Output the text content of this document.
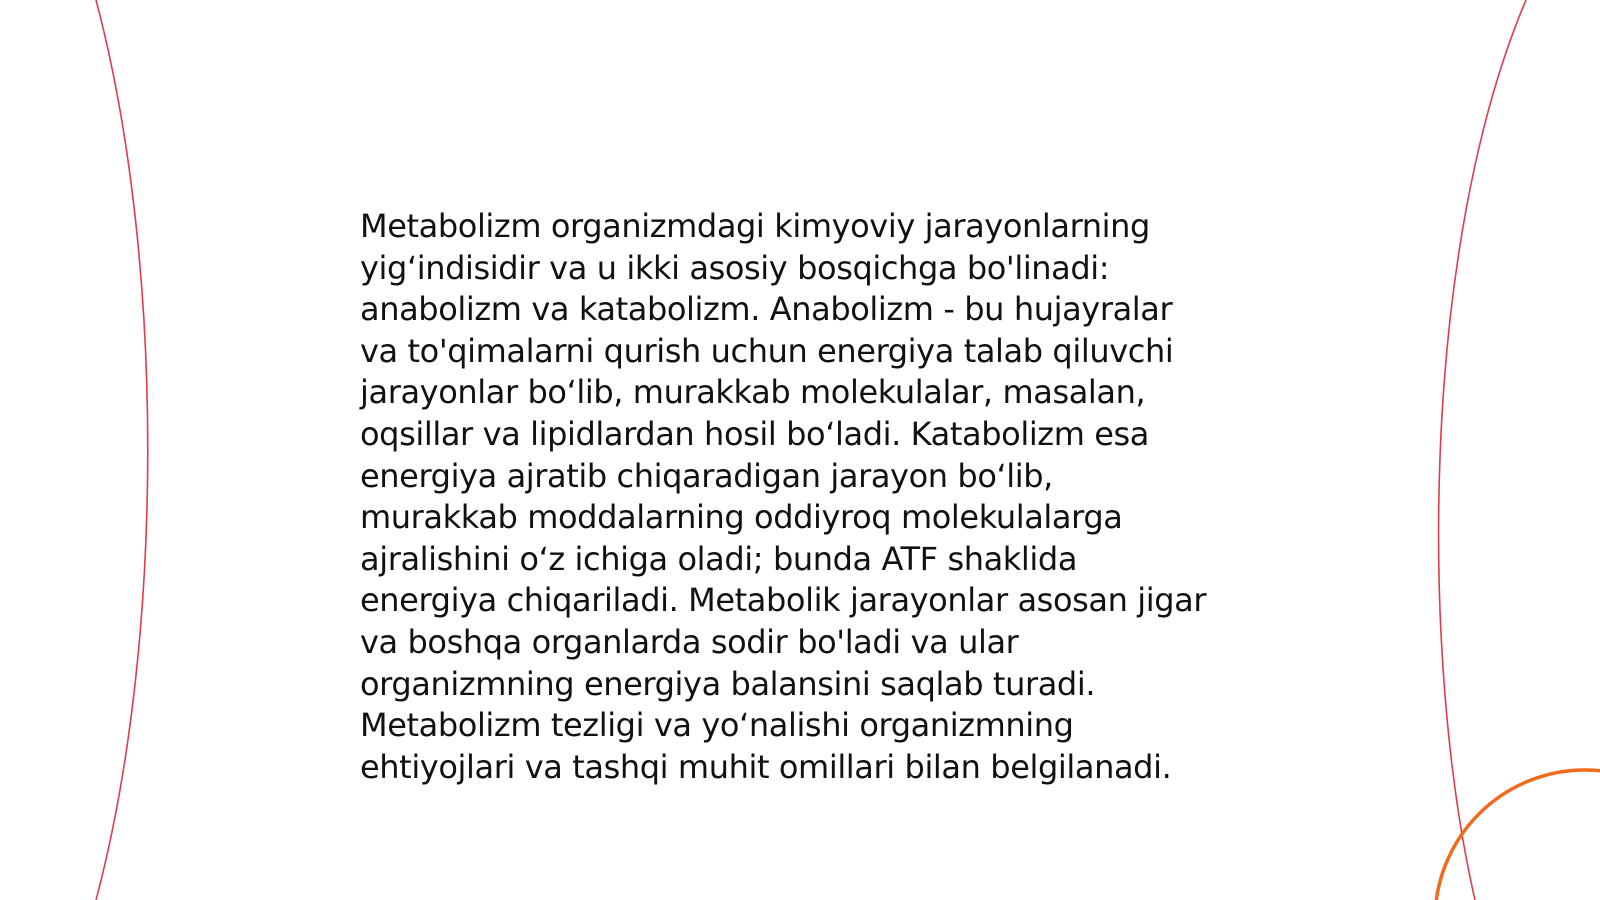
Metabolizm organizmdagi kimyoviy jarayonlarning
yig‘indisidir va u ikki asosiy bosqichga bo'linadi:
anabolizm va katabolizm. Anabolizm - bu hujayralar
va to'qimalarni qurish uchun energiya talab qiluvchi
jarayonlar bo‘lib, murakkab molekulalar, masalan,
oqsillar va lipidlardan hosil bo‘ladi. Katabolizm esa
energiya ajratib chiqaradigan jarayon bo‘lib,
murakkab moddalarning oddiyroq molekulalarga
ajralishini o‘z ichiga oladi; bunda ATF shaklida
energiya chiqariladi. Metabolik jarayonlar asosan jigar
va boshqa organlarda sodir bo'ladi va ular
organizmning energiya balansini saqlab turadi.
Metabolizm tezligi va yo‘nalishi organizmning
ehtiyojlari va tashqi muhit omillari bilan belgilanadi.
